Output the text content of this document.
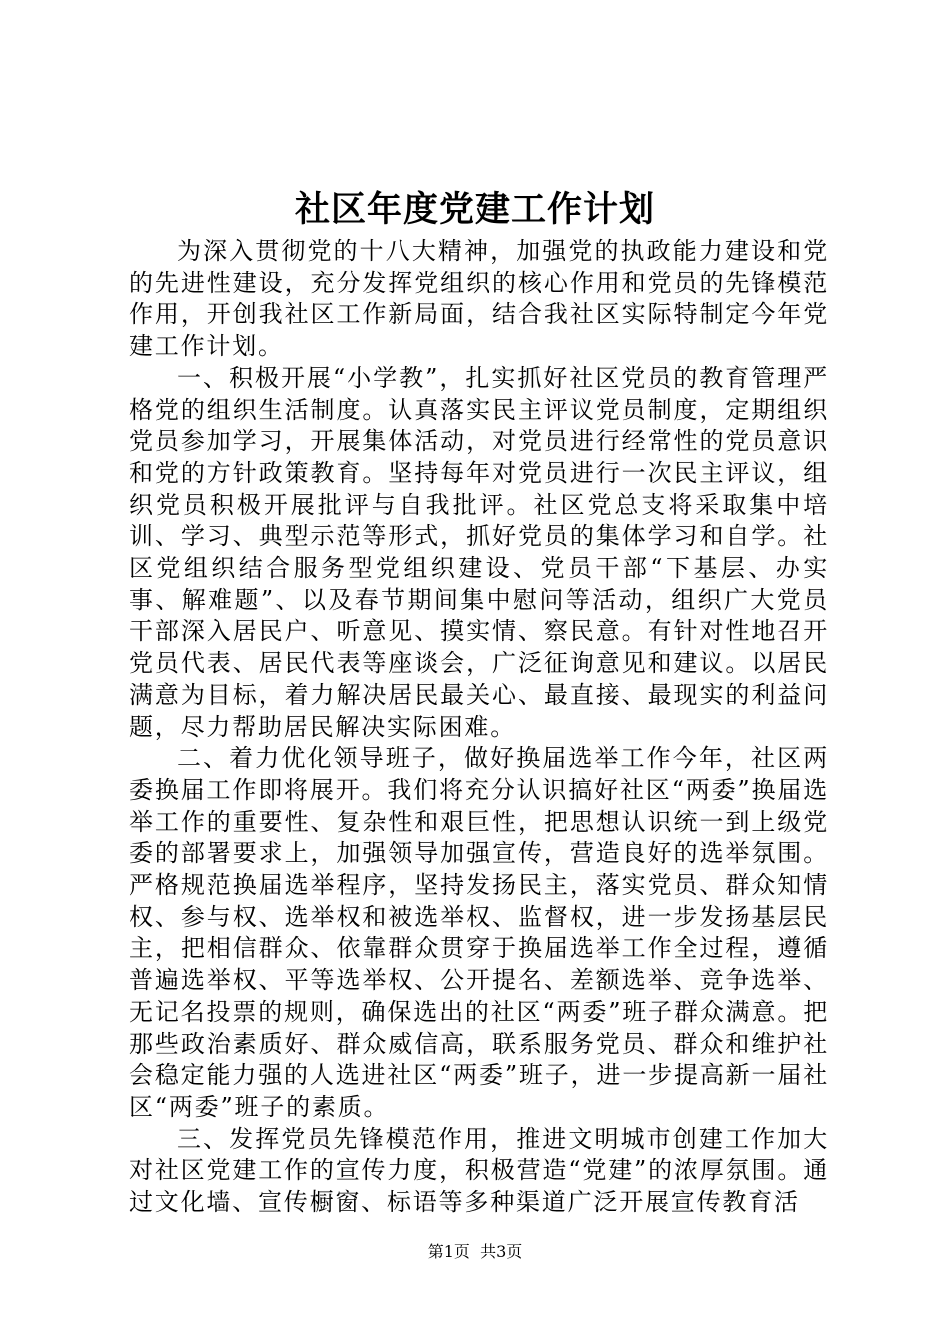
社区年度党建工作计划

为深入贯彻党的十八大精神，加强党的执政能力建设和党的先进性建设，充分发挥党组织的核心作用和党员的先锋模范作用，开创我社区工作新局面，结合我社区实际特制定今年党建工作计划。

一、积极开展“小学教”，扎实抓好社区党员的教育管理严格党的组织生活制度。认真落实民主评议党员制度，定期组织党员参加学习，开展集体活动，对党员进行经常性的党员意识和党的方针政策教育。坚持每年对党员进行一次民主评议，组织党员积极开展批评与自我批评。社区党总支将采取集中培训、学习、典型示范等形式，抓好党员的集体学习和自学。社区党组织结合服务型党组织建设、党员干部“下基层、办实事、解难题”、以及春节期间集中慰问等活动，组织广大党员干部深入居民户、听意见、摸实情、察民意。有针对性地召开党员代表、居民代表等座谈会，广泛征询意见和建议。以居民满意为目标，着力解决居民最关心、最直接、最现实的利益问题，尽力帮助居民解决实际困难。

二、着力优化领导班子，做好换届选举工作今年，社区两委换届工作即将展开。我们将充分认识搞好社区“两委”换届选举工作的重要性、复杂性和艰巨性，把思想认识统一到上级党委的部署要求上，加强领导加强宣传，营造良好的选举氛围。严格规范换届选举程序，坚持发扬民主，落实党员、群众知情权、参与权、选举权和被选举权、监督权，进一步发扬基层民主，把相信群众、依靠群众贯穿于换届选举工作全过程，遵循普遍选举权、平等选举权、公开提名、差额选举、竞争选举、无记名投票的规则，确保选出的社区“两委”班子群众满意。把那些政治素质好、群众威信高，联系服务党员、群众和维护社会稳定能力强的人选进社区“两委”班子，进一步提高新一届社区“两委”班子的素质。

三、发挥党员先锋模范作用，推进文明城市创建工作加大对社区党建工作的宣传力度，积极营造“党建”的浓厚氛围。通过文化墙、宣传橱窗、标语等多种渠道广泛开展宣传教育活

第1页  共3页
